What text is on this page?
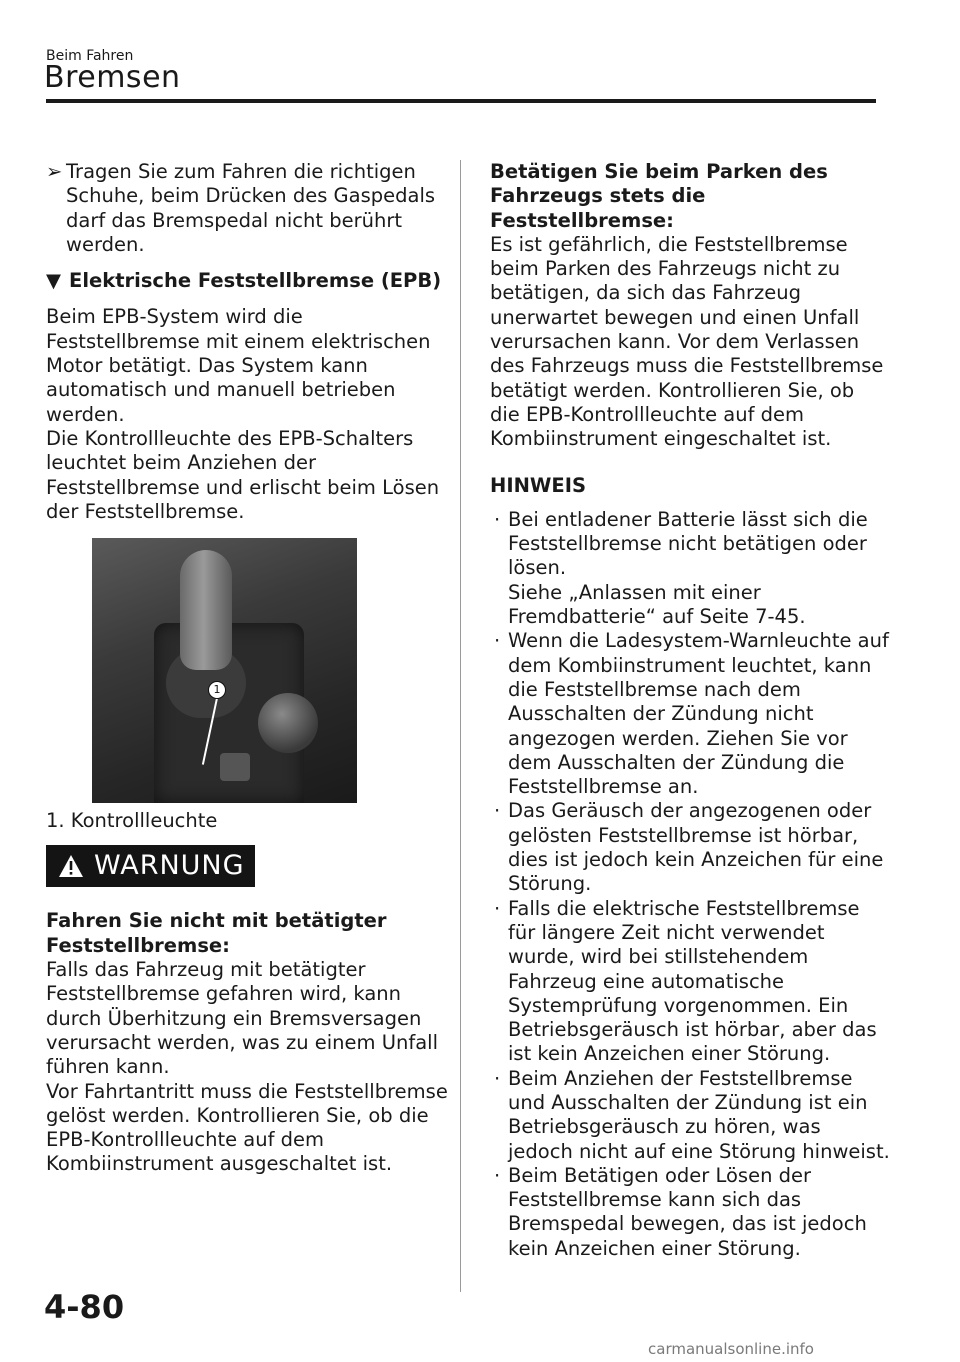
Beim Fahren
Bremsen

➢ Tragen Sie zum Fahren die richtigen Schuhe, beim Drücken des Gaspedals darf das Bremspedal nicht berührt werden.

▼ Elektrische Feststellbremse (EPB)

Beim EPB-System wird die Feststellbremse mit einem elektrischen Motor betätigt. Das System kann automatisch und manuell betrieben werden.

Die Kontrollleuchte des EPB-Schalters leuchtet beim Anziehen der Feststellbremse und erlischt beim Lösen der Feststellbremse.

1

1. Kontrollleuchte

WARNUNG

Fahren Sie nicht mit betätigter Feststellbremse:

Falls das Fahrzeug mit betätigter Feststellbremse gefahren wird, kann durch Überhitzung ein Bremsversagen verursacht werden, was zu einem Unfall führen kann.

Vor Fahrtantritt muss die Feststellbremse gelöst werden. Kontrollieren Sie, ob die EPB-Kontrollleuchte auf dem Kombiinstrument ausgeschaltet ist.

Betätigen Sie beim Parken des Fahrzeugs stets die Feststellbremse:

Es ist gefährlich, die Feststellbremse beim Parken des Fahrzeugs nicht zu betätigen, da sich das Fahrzeug unerwartet bewegen und einen Unfall verursachen kann. Vor dem Verlassen des Fahrzeugs muss die Feststellbremse betätigt werden. Kontrollieren Sie, ob die EPB-Kontrollleuchte auf dem Kombiinstrument eingeschaltet ist.

HINWEIS

· Bei entladener Batterie lässt sich die Feststellbremse nicht betätigen oder lösen.
Siehe „Anlassen mit einer Fremdbatterie“ auf Seite 7-45.
· Wenn die Ladesystem-Warnleuchte auf dem Kombiinstrument leuchtet, kann die Feststellbremse nach dem Ausschalten der Zündung nicht angezogen werden. Ziehen Sie vor dem Ausschalten der Zündung die Feststellbremse an.
· Das Geräusch der angezogenen oder gelösten Feststellbremse ist hörbar, dies ist jedoch kein Anzeichen für eine Störung.
· Falls die elektrische Feststellbremse für längere Zeit nicht verwendet wurde, wird bei stillstehendem Fahrzeug eine automatische Systemprüfung vorgenommen. Ein Betriebsgeräusch ist hörbar, aber das ist kein Anzeichen einer Störung.
· Beim Anziehen der Feststellbremse und Ausschalten der Zündung ist ein Betriebsgeräusch zu hören, was jedoch nicht auf eine Störung hinweist.
· Beim Betätigen oder Lösen der Feststellbremse kann sich das Bremspedal bewegen, das ist jedoch kein Anzeichen einer Störung.
4-80
carmanualsonline.info
